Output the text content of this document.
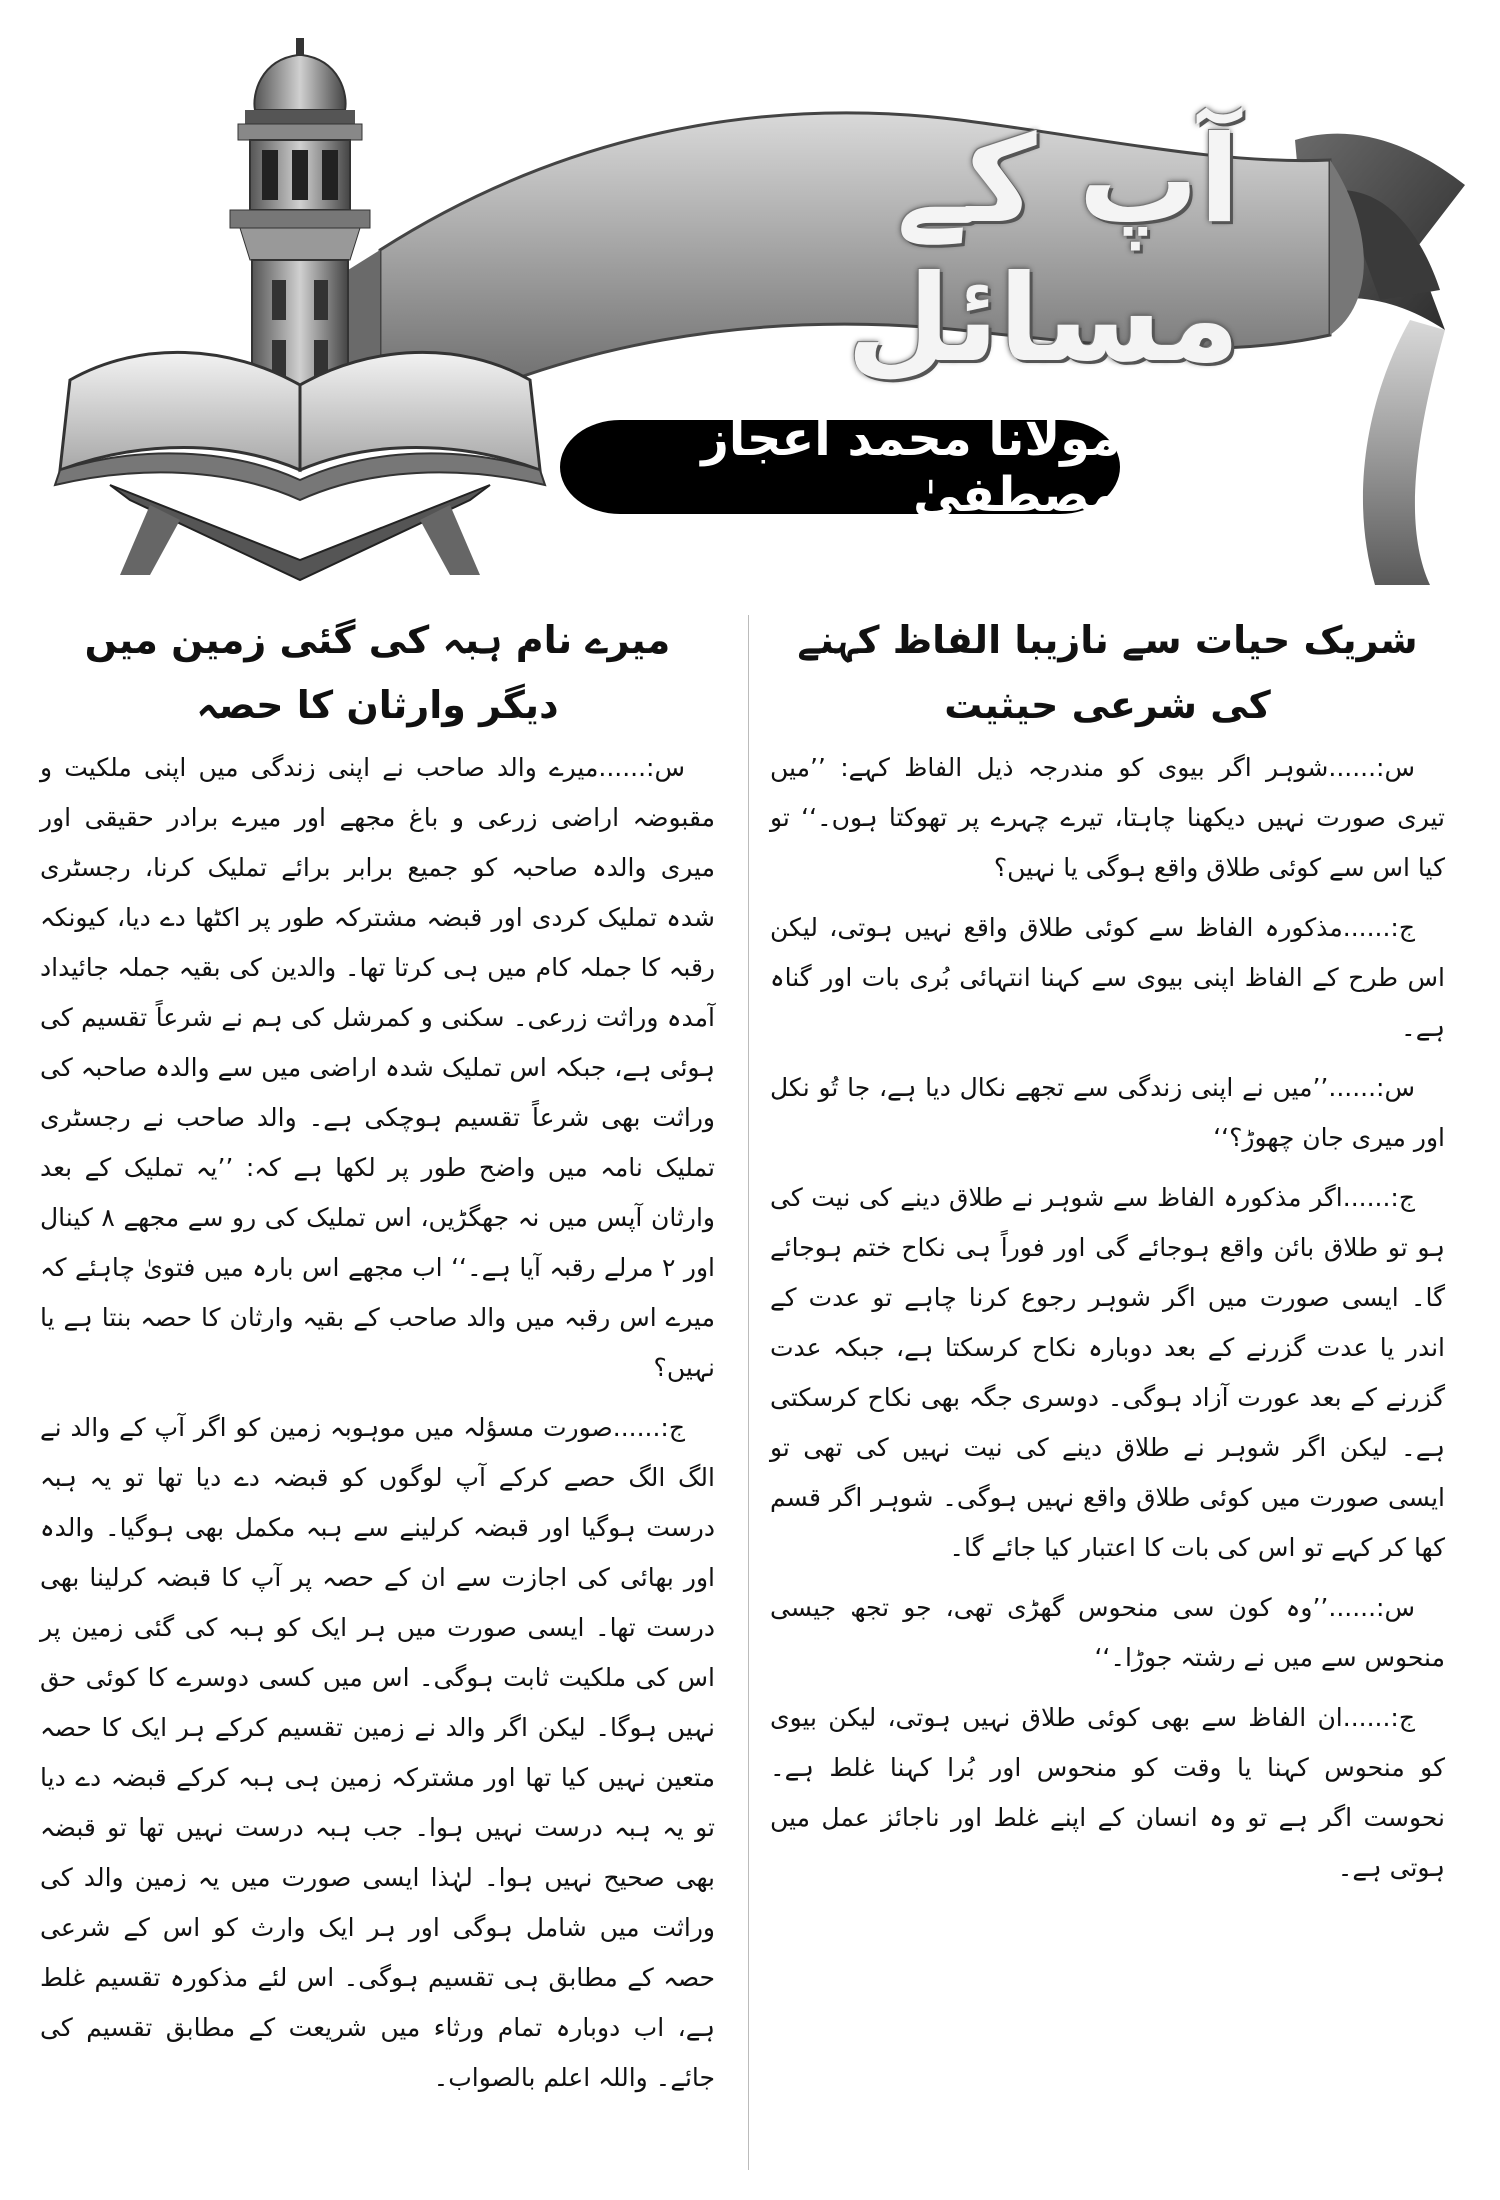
آپ کے مسائل
مولانا محمد اعجاز مصطفیٰ
شریک حیات سے نازیبا الفاظ کہنے کی شرعی حیثیت

س:......شوہر اگر بیوی کو مندرجہ ذیل الفاظ کہے: ’’میں تیری صورت نہیں دیکھنا چاہتا، تیرے چہرے پر تھوکتا ہوں۔‘‘ تو کیا اس سے کوئی طلاق واقع ہوگی یا نہیں؟

ج:......مذکورہ الفاظ سے کوئی طلاق واقع نہیں ہوتی، لیکن اس طرح کے الفاظ اپنی بیوی سے کہنا انتہائی بُری بات اور گناہ ہے۔

س:......’’میں نے اپنی زندگی سے تجھے نکال دیا ہے، جا تُو نکل اور میری جان چھوڑ؟‘‘

ج:......اگر مذکورہ الفاظ سے شوہر نے طلاق دینے کی نیت کی ہو تو طلاق بائن واقع ہوجائے گی اور فوراً ہی نکاح ختم ہوجائے گا۔ ایسی صورت میں اگر شوہر رجوع کرنا چاہے تو عدت کے اندر یا عدت گزرنے کے بعد دوبارہ نکاح کرسکتا ہے، جبکہ عدت گزرنے کے بعد عورت آزاد ہوگی۔ دوسری جگہ بھی نکاح کرسکتی ہے۔ لیکن اگر شوہر نے طلاق دینے کی نیت نہیں کی تھی تو ایسی صورت میں کوئی طلاق واقع نہیں ہوگی۔ شوہر اگر قسم کھا کر کہے تو اس کی بات کا اعتبار کیا جائے گا۔

س:......’’وہ کون سی منحوس گھڑی تھی، جو تجھ جیسی منحوس سے میں نے رشتہ جوڑا۔‘‘

ج:......ان الفاظ سے بھی کوئی طلاق نہیں ہوتی، لیکن بیوی کو منحوس کہنا یا وقت کو منحوس اور بُرا کہنا غلط ہے۔ نحوست اگر ہے تو وہ انسان کے اپنے غلط اور ناجائز عمل میں ہوتی ہے۔

میرے نام ہبہ کی گئی زمین میں دیگر وارثان کا حصہ

س:......میرے والد صاحب نے اپنی زندگی میں اپنی ملکیت و مقبوضہ اراضی زرعی و باغ مجھے اور میرے برادر حقیقی اور میری والدہ صاحبہ کو جمیع برابر برائے تملیک کرنا، رجسٹری شدہ تملیک کردی اور قبضہ مشترکہ طور پر اکٹھا دے دیا، کیونکہ رقبہ کا جملہ کام میں ہی کرتا تھا۔ والدین کی بقیہ جملہ جائیداد آمدہ وراثت زرعی۔ سکنی و کمرشل کی ہم نے شرعاً تقسیم کی ہوئی ہے، جبکہ اس تملیک شدہ اراضی میں سے والدہ صاحبہ کی وراثت بھی شرعاً تقسیم ہوچکی ہے۔ والد صاحب نے رجسٹری تملیک نامہ میں واضح طور پر لکھا ہے کہ: ’’یہ تملیک کے بعد وارثان آپس میں نہ جھگڑیں، اس تملیک کی رو سے مجھے ۸ کینال اور ۲ مرلے رقبہ آیا ہے۔‘‘ اب مجھے اس بارہ میں فتویٰ چاہئے کہ میرے اس رقبہ میں والد صاحب کے بقیہ وارثان کا حصہ بنتا ہے یا نہیں؟

ج:......صورت مسؤلہ میں موہوبہ زمین کو اگر آپ کے والد نے الگ الگ حصے کرکے آپ لوگوں کو قبضہ دے دیا تھا تو یہ ہبہ درست ہوگیا اور قبضہ کرلینے سے ہبہ مکمل بھی ہوگیا۔ والدہ اور بھائی کی اجازت سے ان کے حصہ پر آپ کا قبضہ کرلینا بھی درست تھا۔ ایسی صورت میں ہر ایک کو ہبہ کی گئی زمین پر اس کی ملکیت ثابت ہوگی۔ اس میں کسی دوسرے کا کوئی حق نہیں ہوگا۔ لیکن اگر والد نے زمین تقسیم کرکے ہر ایک کا حصہ متعین نہیں کیا تھا اور مشترکہ زمین ہی ہبہ کرکے قبضہ دے دیا تو یہ ہبہ درست نہیں ہوا۔ جب ہبہ درست نہیں تھا تو قبضہ بھی صحیح نہیں ہوا۔ لہٰذا ایسی صورت میں یہ زمین والد کی وراثت میں شامل ہوگی اور ہر ایک وارث کو اس کے شرعی حصہ کے مطابق ہی تقسیم ہوگی۔ اس لئے مذکورہ تقسیم غلط ہے، اب دوبارہ تمام ورثاء میں شریعت کے مطابق تقسیم کی جائے۔ واللہ اعلم بالصواب۔
